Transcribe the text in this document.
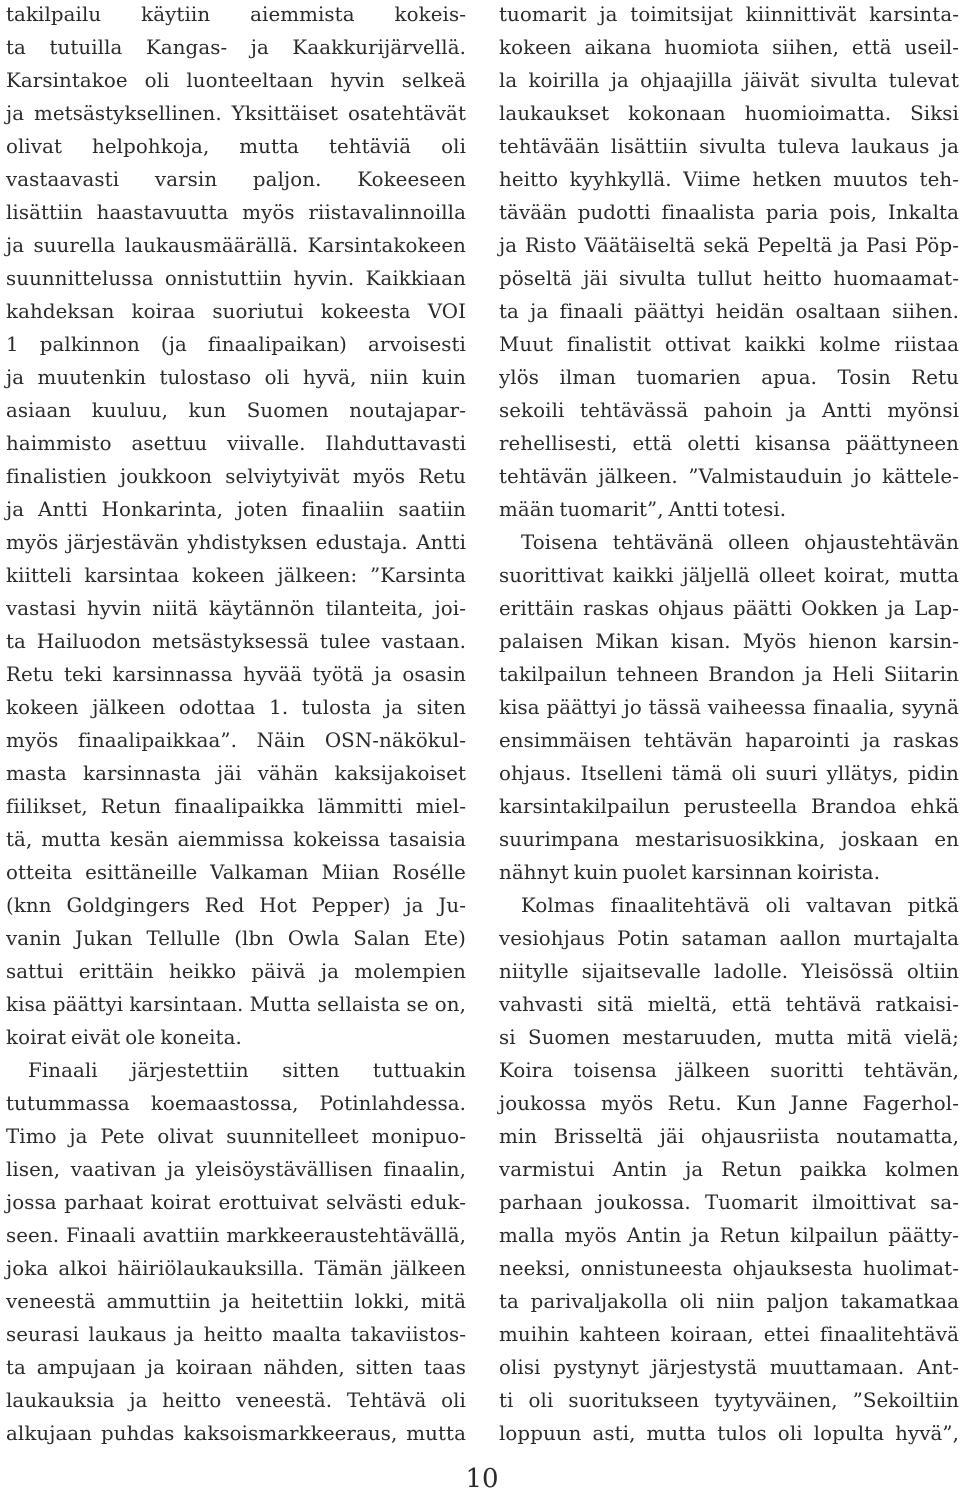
takilpailu käytiin aiemmista kokeis-
ta tutuilla Kangas- ja Kaakkurijärvellä.
Karsintakoe oli luonteeltaan hyvin selkeä
ja metsästyksellinen. Yksittäiset osatehtävät
olivat helpohkoja, mutta tehtäviä oli
vastaavasti varsin paljon. Kokeeseen
lisättiin haastavuutta myös riistavalinnoilla
ja suurella laukausmäärällä. Karsintakokeen
suunnittelussa onnistuttiin hyvin. Kaikkiaan
kahdeksan koiraa suoriutui kokeesta VOI
1 palkinnon (ja finaalipaikan) arvoisesti
ja muutenkin tulostaso oli hyvä, niin kuin
asiaan kuuluu, kun Suomen noutajapar-
haimmisto asettuu viivalle. Ilahduttavasti
finalistien joukkoon selviytyivät myös Retu
ja Antti Honkarinta, joten finaaliin saatiin
myös järjestävän yhdistyksen edustaja. Antti
kiitteli karsintaa kokeen jälkeen: ”Karsinta
vastasi hyvin niitä käytännön tilanteita, joi-
ta Hailuodon metsästyksessä tulee vastaan.
Retu teki karsinnassa hyvää työtä ja osasin
kokeen jälkeen odottaa 1. tulosta ja siten
myös finaalipaikkaa”. Näin OSN-näkökul-
masta karsinnasta jäi vähän kaksijakoiset
fiilikset, Retun finaalipaikka lämmitti miel-
tä, mutta kesän aiemmissa kokeissa tasaisia
otteita esittäneille Valkaman Miian Rosélle
(knn Goldgingers Red Hot Pepper) ja Ju-
vanin Jukan Tellulle (lbn Owla Salan Ete)
sattui erittäin heikko päivä ja molempien
kisa päättyi karsintaan. Mutta sellaista se on,
koirat eivät ole koneita.
Finaali järjestettiin sitten tuttuakin
tutummassa koemaastossa, Potinlahdessa.
Timo ja Pete olivat suunnitelleet monipuo-
lisen, vaativan ja yleisöystävällisen finaalin,
jossa parhaat koirat erottuivat selvästi eduk-
seen. Finaali avattiin markkeeraustehtävällä,
joka alkoi häiriölaukauksilla. Tämän jälkeen
veneestä ammuttiin ja heitettiin lokki, mitä
seurasi laukaus ja heitto maalta takaviistos-
ta ampujaan ja koiraan nähden, sitten taas
laukauksia ja heitto veneestä. Tehtävä oli
alkujaan puhdas kaksoismarkkeeraus, mutta
tuomarit ja toimitsijat kiinnittivät karsinta-
kokeen aikana huomiota siihen, että useil-
la koirilla ja ohjaajilla jäivät sivulta tulevat
laukaukset kokonaan huomioimatta. Siksi
tehtävään lisättiin sivulta tuleva laukaus ja
heitto kyyhkyllä. Viime hetken muutos teh-
tävään pudotti finaalista paria pois, Inkalta
ja Risto Väätäiseltä sekä Pepeltä ja Pasi Pöp-
pöseltä jäi sivulta tullut heitto huomaamat-
ta ja finaali päättyi heidän osaltaan siihen.
Muut finalistit ottivat kaikki kolme riistaa
ylös ilman tuomarien apua. Tosin Retu
sekoili tehtävässä pahoin ja Antti myönsi
rehellisesti, että oletti kisansa päättyneen
tehtävän jälkeen. ”Valmistauduin jo kättele-
mään tuomarit”, Antti totesi.
Toisena tehtävänä olleen ohjaustehtävän
suorittivat kaikki jäljellä olleet koirat, mutta
erittäin raskas ohjaus päätti Ookken ja Lap-
palaisen Mikan kisan. Myös hienon karsin-
takilpailun tehneen Brandon ja Heli Siitarin
kisa päättyi jo tässä vaiheessa finaalia, syynä
ensimmäisen tehtävän haparointi ja raskas
ohjaus. Itselleni tämä oli suuri yllätys, pidin
karsintakilpailun perusteella Brandoa ehkä
suurimpana mestarisuosikkina, joskaan en
nähnyt kuin puolet karsinnan koirista.
Kolmas finaalitehtävä oli valtavan pitkä
vesiohjaus Potin sataman aallon murtajalta
niitylle sijaitsevalle ladolle. Yleisössä oltiin
vahvasti sitä mieltä, että tehtävä ratkaisi-
si Suomen mestaruuden, mutta mitä vielä;
Koira toisensa jälkeen suoritti tehtävän,
joukossa myös Retu. Kun Janne Fagerhol-
min Brisseltä jäi ohjausriista noutamatta,
varmistui Antin ja Retun paikka kolmen
parhaan joukossa. Tuomarit ilmoittivat sa-
malla myös Antin ja Retun kilpailun päätty-
neeksi, onnistuneesta ohjauksesta huolimat-
ta parivaljakolla oli niin paljon takamatkaa
muihin kahteen koiraan, ettei finaalitehtävä
olisi pystynyt järjestystä muuttamaan. Ant-
ti oli suoritukseen tyytyväinen, ”Sekoiltiin
loppuun asti, mutta tulos oli lopulta hyvä”,
10
